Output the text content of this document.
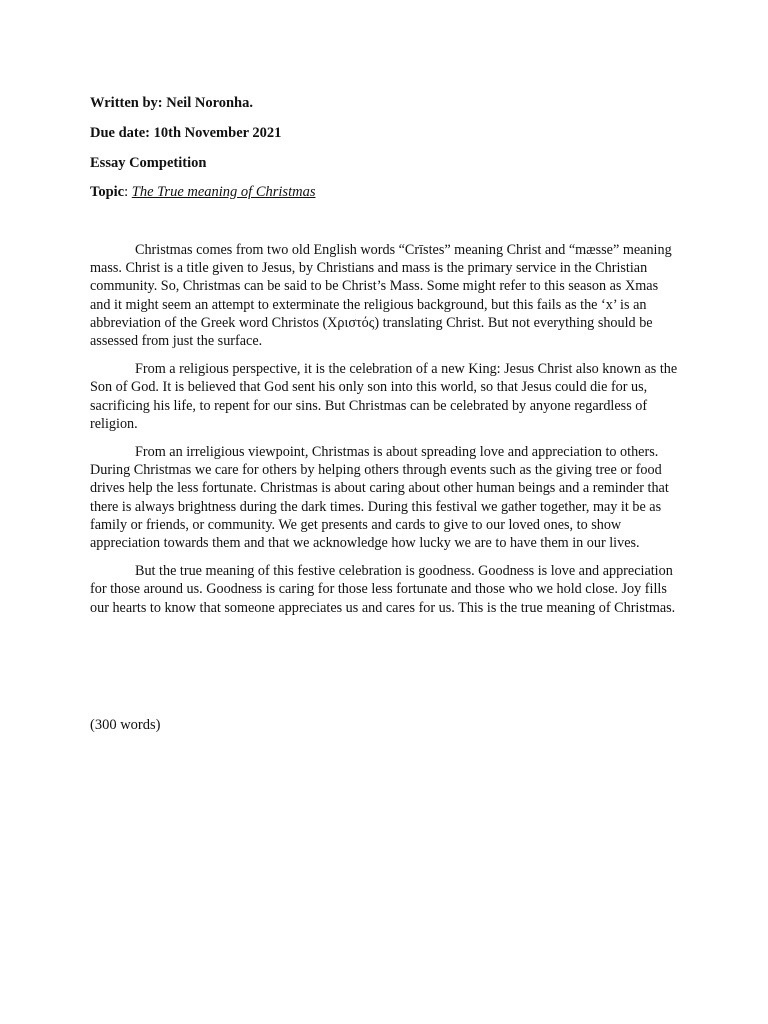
Written by: Neil Noronha.
Due date: 10th November 2021
Essay Competition
Topic: The True meaning of Christmas

Christmas comes from two old English words “Crīstes” meaning Christ and “mæsse” meaning mass. Christ is a title given to Jesus, by Christians and mass is the primary service in the Christian community. So, Christmas can be said to be Christ’s Mass. Some might refer to this season as Xmas and it might seem an attempt to exterminate the religious background, but this fails as the ‘x’ is an abbreviation of the Greek word Christos (Χριστός) translating Christ. But not everything should be assessed from just the surface.

From a religious perspective, it is the celebration of a new King: Jesus Christ also known as the Son of God. It is believed that God sent his only son into this world, so that Jesus could die for us, sacrificing his life, to repent for our sins. But Christmas can be celebrated by anyone regardless of religion.

From an irreligious viewpoint, Christmas is about spreading love and appreciation to others. During Christmas we care for others by helping others through events such as the giving tree or food drives help the less fortunate. Christmas is about caring about other human beings and a reminder that there is always brightness during the dark times. During this festival we gather together, may it be as family or friends, or community. We get presents and cards to give to our loved ones, to show appreciation towards them and that we acknowledge how lucky we are to have them in our lives.

But the true meaning of this festive celebration is goodness. Goodness is love and appreciation for those around us. Goodness is caring for those less fortunate and those who we hold close. Joy fills our hearts to know that someone appreciates us and cares for us. This is the true meaning of Christmas.

(300 words)
